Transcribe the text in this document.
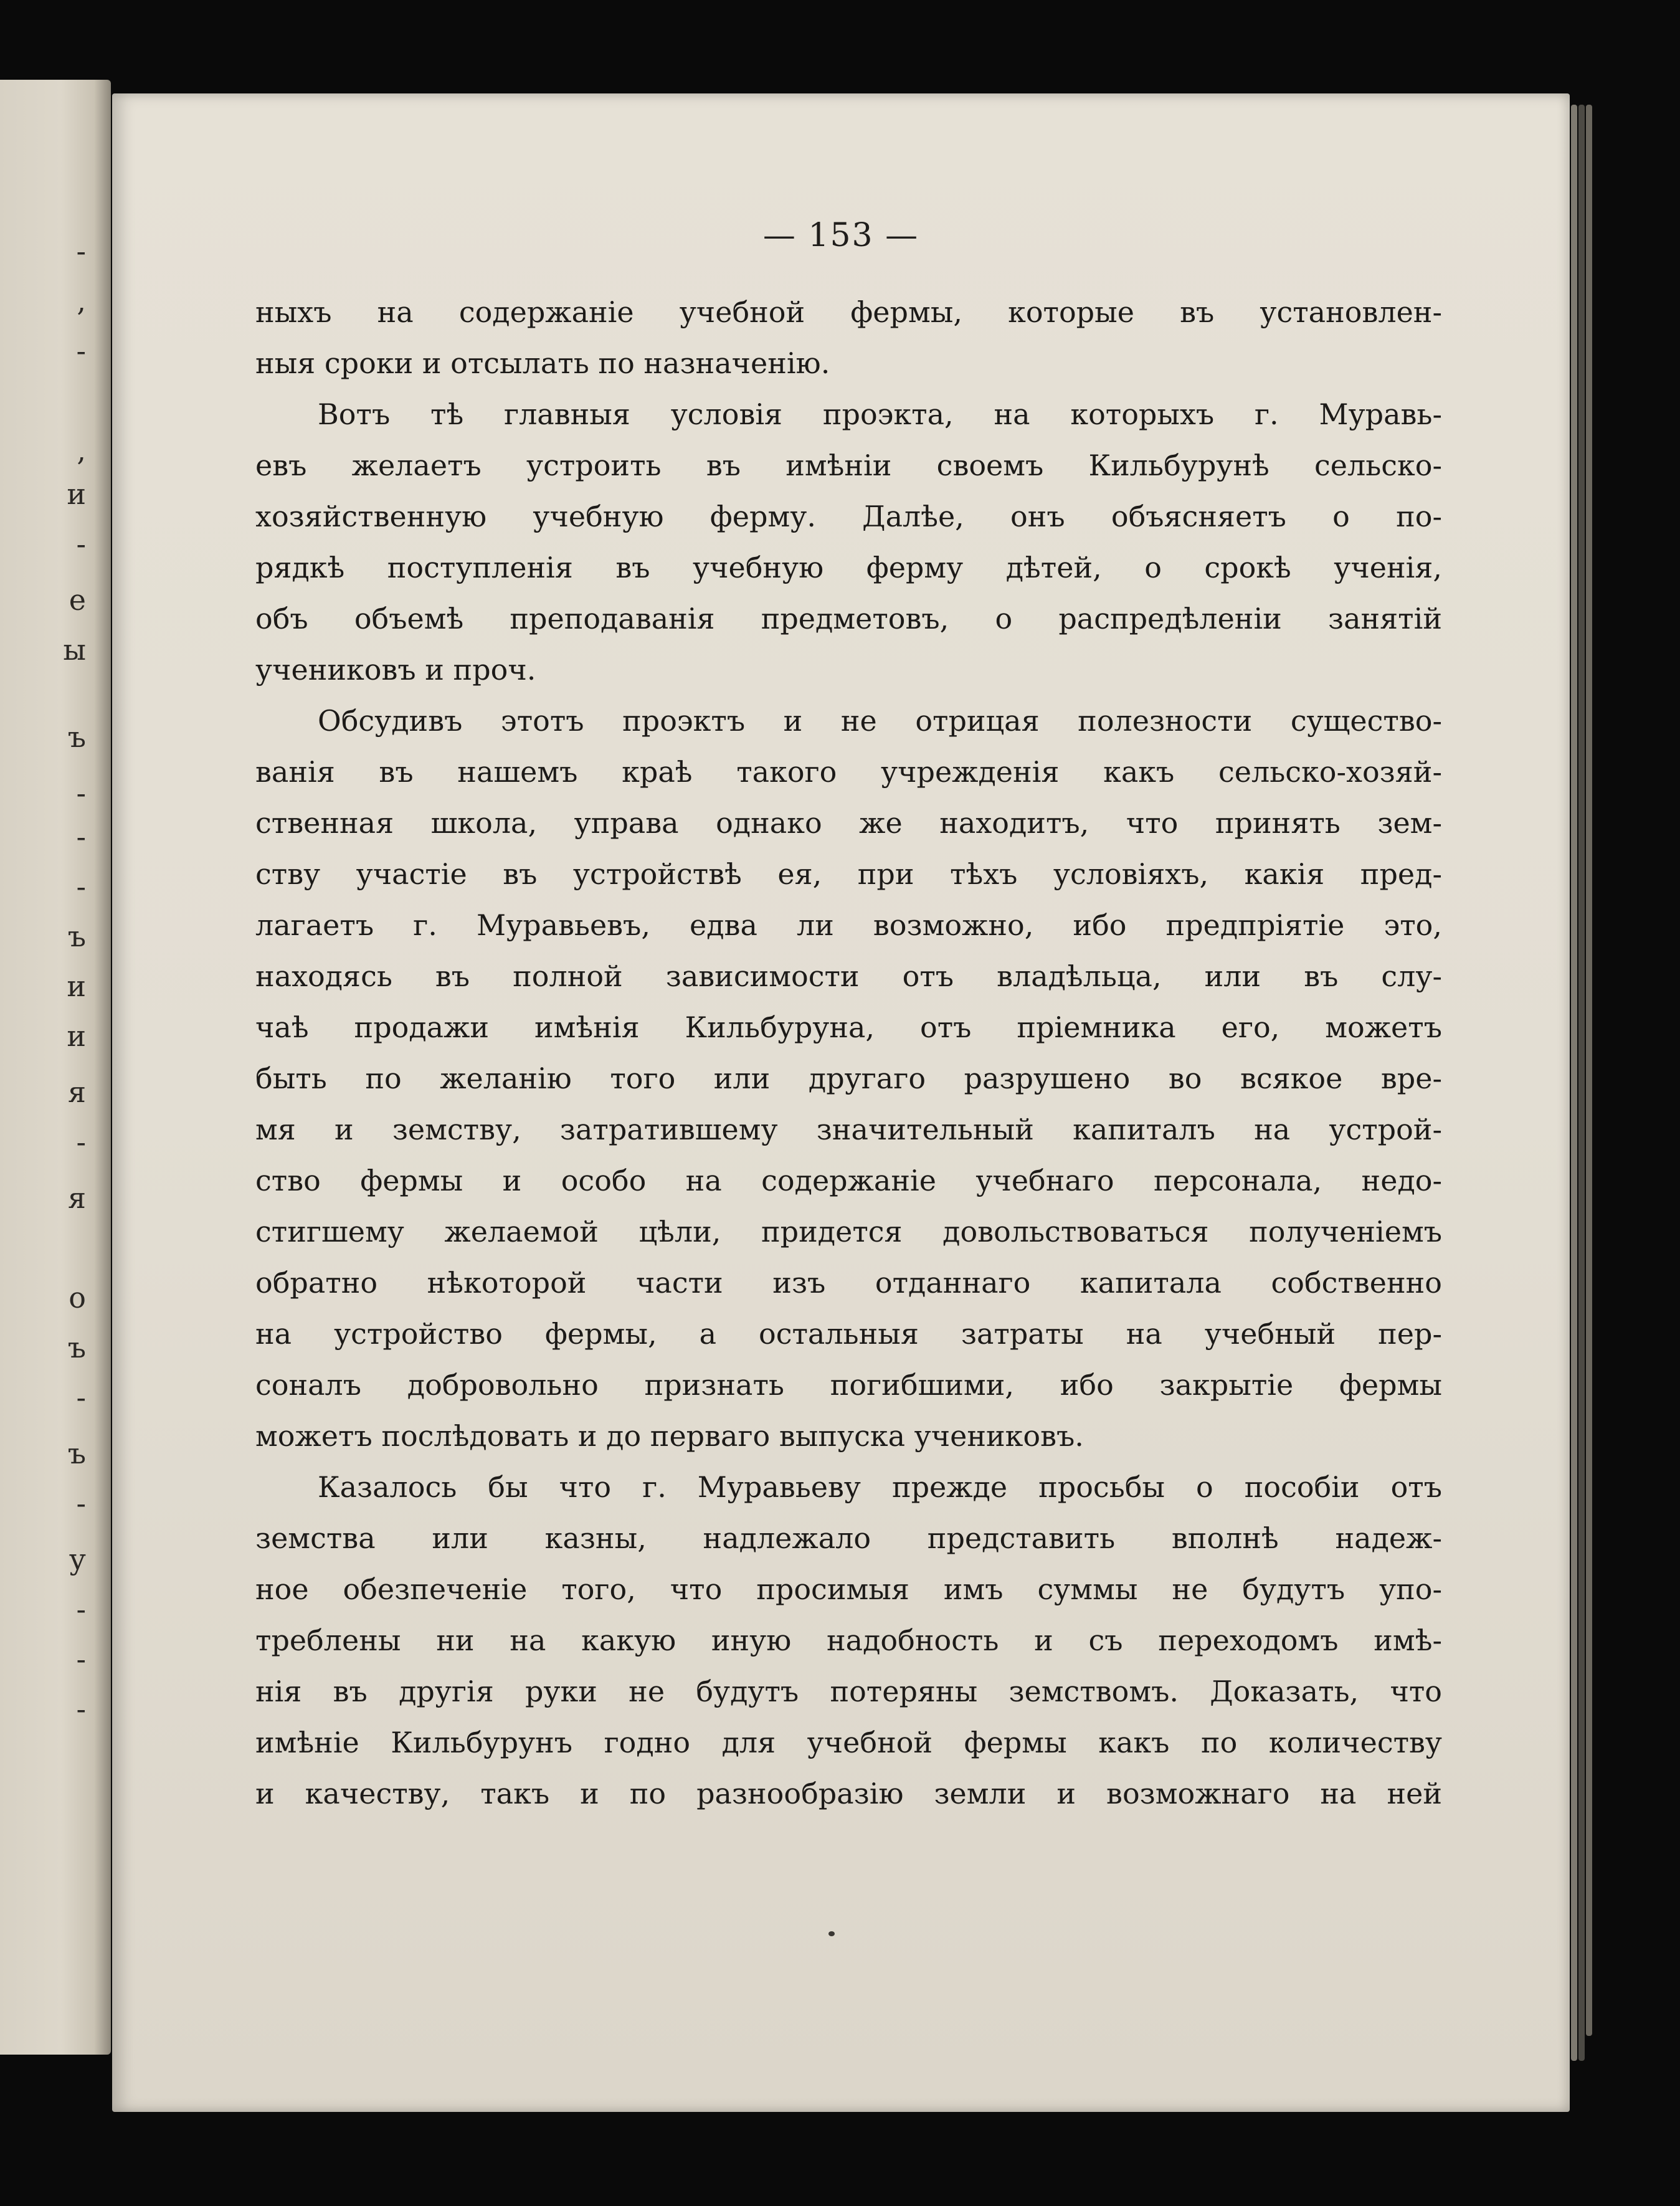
-
,
-
,
и
-
е
ы
ъ
-
-
-
ъ
и
и
я
-
я
о
ъ
-
ъ
-
у
-
-
-
— 153 —
ныхъ на содержаніе учебной фермы, которые въ установлен-
ныя сроки и отсылать по назначенію.
Вотъ тѣ главныя условія проэкта, на которыхъ г. Муравь-
евъ желаетъ устроить въ имѣніи своемъ Кильбурунѣ сельско-
хозяйственную учебную ферму. Далѣе, онъ объясняетъ о по-
рядкѣ поступленія въ учебную ферму дѣтей, о срокѣ ученія,
объ объемѣ преподаванія предметовъ, о распредѣленіи занятій
учениковъ и проч.
Обсудивъ этотъ проэктъ и не отрицая полезности существо-
ванія въ нашемъ краѣ такого учрежденія какъ сельско-хозяй-
ственная школа, управа однако же находитъ, что принять зем-
ству участіе въ устройствѣ ея, при тѣхъ условіяхъ, какія пред-
лагаетъ г. Муравьевъ, едва ли возможно, ибо предпріятіе это,
находясь въ полной зависимости отъ владѣльца, или въ слу-
чаѣ продажи имѣнія Кильбуруна, отъ пріемника его, можетъ
быть по желанію того или другаго разрушено во всякое вре-
мя и земству, затратившему значительный капиталъ на устрой-
ство фермы и особо на содержаніе учебнаго персонала, недо-
стигшему желаемой цѣли, придется довольствоваться полученіемъ
обратно нѣкоторой части изъ отданнаго капитала собственно
на устройство фермы, а остальныя затраты на учебный пер-
соналъ добровольно признать погибшими, ибо закрытіе фермы
можетъ послѣдовать и до перваго выпуска учениковъ.
Казалось бы что г. Муравьеву прежде просьбы о пособіи отъ
земства или казны, надлежало представить вполнѣ надеж-
ное обезпеченіе того, что просимыя имъ суммы не будутъ упо-
треблены ни на какую иную надобность и съ переходомъ имѣ-
нія въ другія руки не будутъ потеряны земствомъ. Доказать, что
имѣніе Кильбурунъ годно для учебной фермы какъ по количеству
и качеству, такъ и по разнообразію земли и возможнаго на ней
